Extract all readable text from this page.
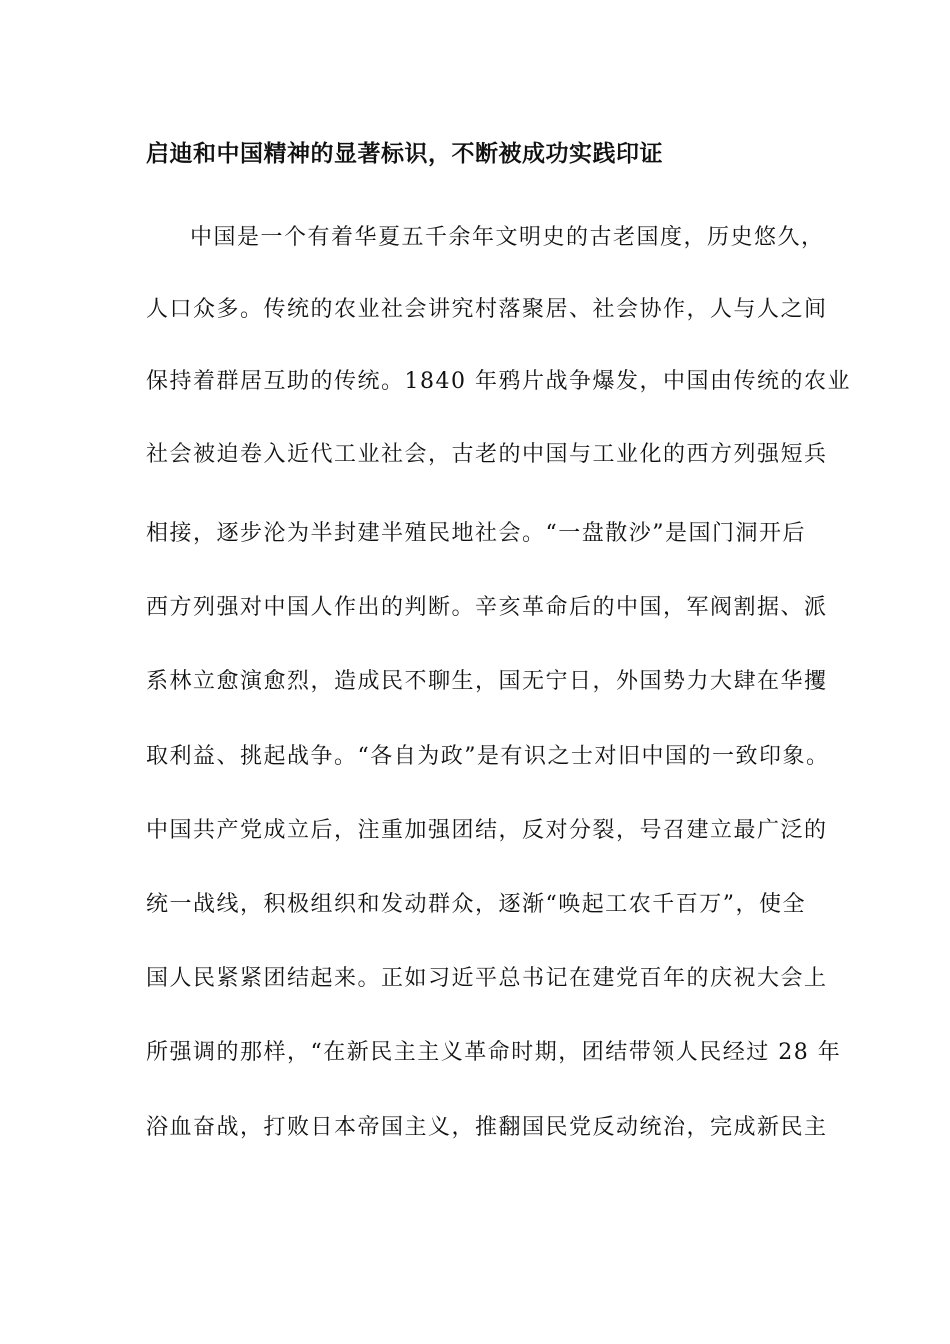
启迪和中国精神的显著标识，不断被成功实践印证
中国是一个有着华夏五千余年文明史的古老国度，历史悠久，
人口众多。传统的农业社会讲究村落聚居、社会协作，人与人之间
保持着群居互助的传统。1840 年鸦片战争爆发，中国由传统的农业
社会被迫卷入近代工业社会，古老的中国与工业化的西方列强短兵
相接，逐步沦为半封建半殖民地社会。“一盘散沙”是国门洞开后
西方列强对中国人作出的判断。辛亥革命后的中国，军阀割据、派
系林立愈演愈烈，造成民不聊生，国无宁日，外国势力大肆在华攫
取利益、挑起战争。“各自为政”是有识之士对旧中国的一致印象。
中国共产党成立后，注重加强团结，反对分裂，号召建立最广泛的
统一战线，积极组织和发动群众，逐渐“唤起工农千百万”，使全
国人民紧紧团结起来。正如习近平总书记在建党百年的庆祝大会上
所强调的那样，“在新民主主义革命时期，团结带领人民经过 28 年
浴血奋战，打败日本帝国主义，推翻国民党反动统治，完成新民主
